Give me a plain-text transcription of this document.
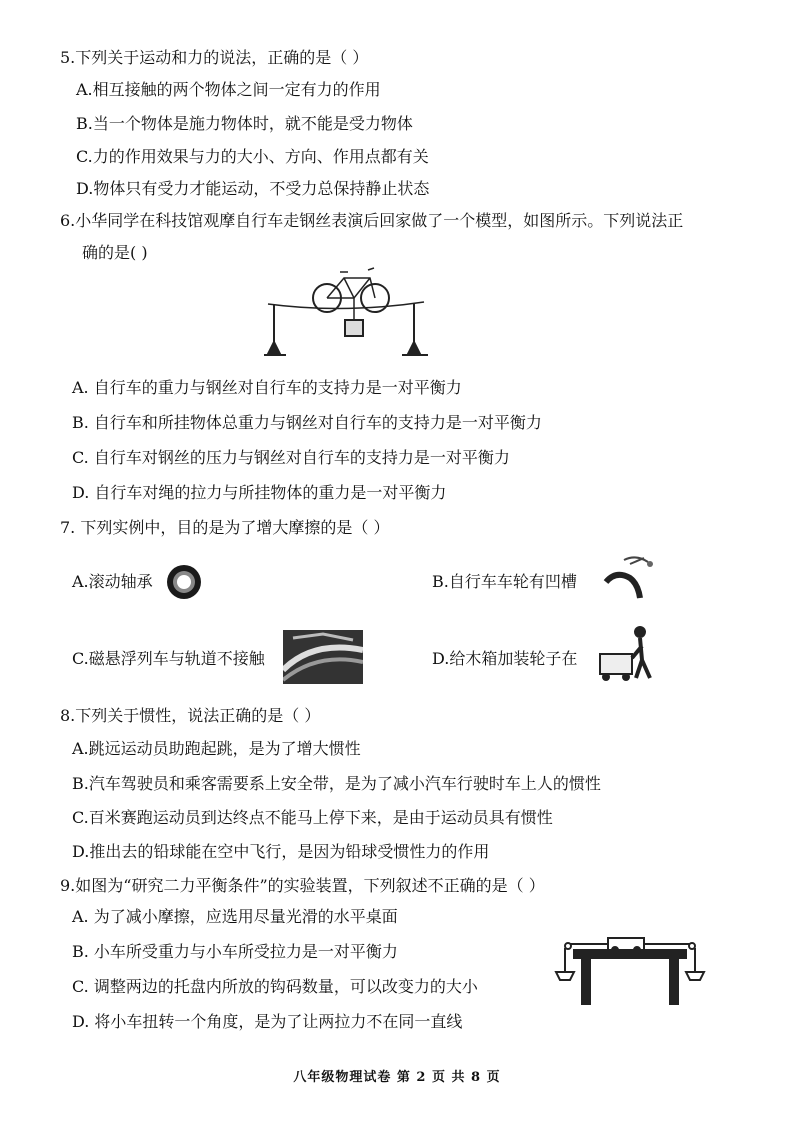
5.下列关于运动和力的说法，正确的是（ ）
A.相互接触的两个物体之间一定有力的作用
B.当一个物体是施力物体时，就不能是受力物体
C.力的作用效果与力的大小、方向、作用点都有关
D.物体只有受力才能运动，不受力总保持静止状态
6.小华同学在科技馆观摩自行车走钢丝表演后回家做了一个模型，如图所示。下列说法正
确的是( )
A. 自行车的重力与钢丝对自行车的支持力是一对平衡力
B. 自行车和所挂物体总重力与钢丝对自行车的支持力是一对平衡力
C. 自行车对钢丝的压力与钢丝对自行车的支持力是一对平衡力
D. 自行车对绳的拉力与所挂物体的重力是一对平衡力
7. 下列实例中，目的是为了增大摩擦的是（ ）
A.滚动轴承	B.自行车车轮有凹槽
C.磁悬浮列车与轨道不接触	D.给木箱加装轮子在
8.下列关于惯性，说法正确的是（ ）
A.跳远运动员助跑起跳，是为了增大惯性
B.汽车驾驶员和乘客需要系上安全带，是为了减小汽车行驶时车上人的惯性
C.百米赛跑运动员到达终点不能马上停下来，是由于运动员具有惯性
D.推出去的铅球能在空中飞行，是因为铅球受惯性力的作用
9.如图为“研究二力平衡条件”的实验装置，下列叙述不正确的是（ ）
A. 为了减小摩擦，应选用尽量光滑的水平桌面
B. 小车所受重力与小车所受拉力是一对平衡力
C. 调整两边的托盘内所放的钩码数量，可以改变力的大小
D. 将小车扭转一个角度，是为了让两拉力不在同一直线
八年级物理试卷 第 2 页 共 8 页
